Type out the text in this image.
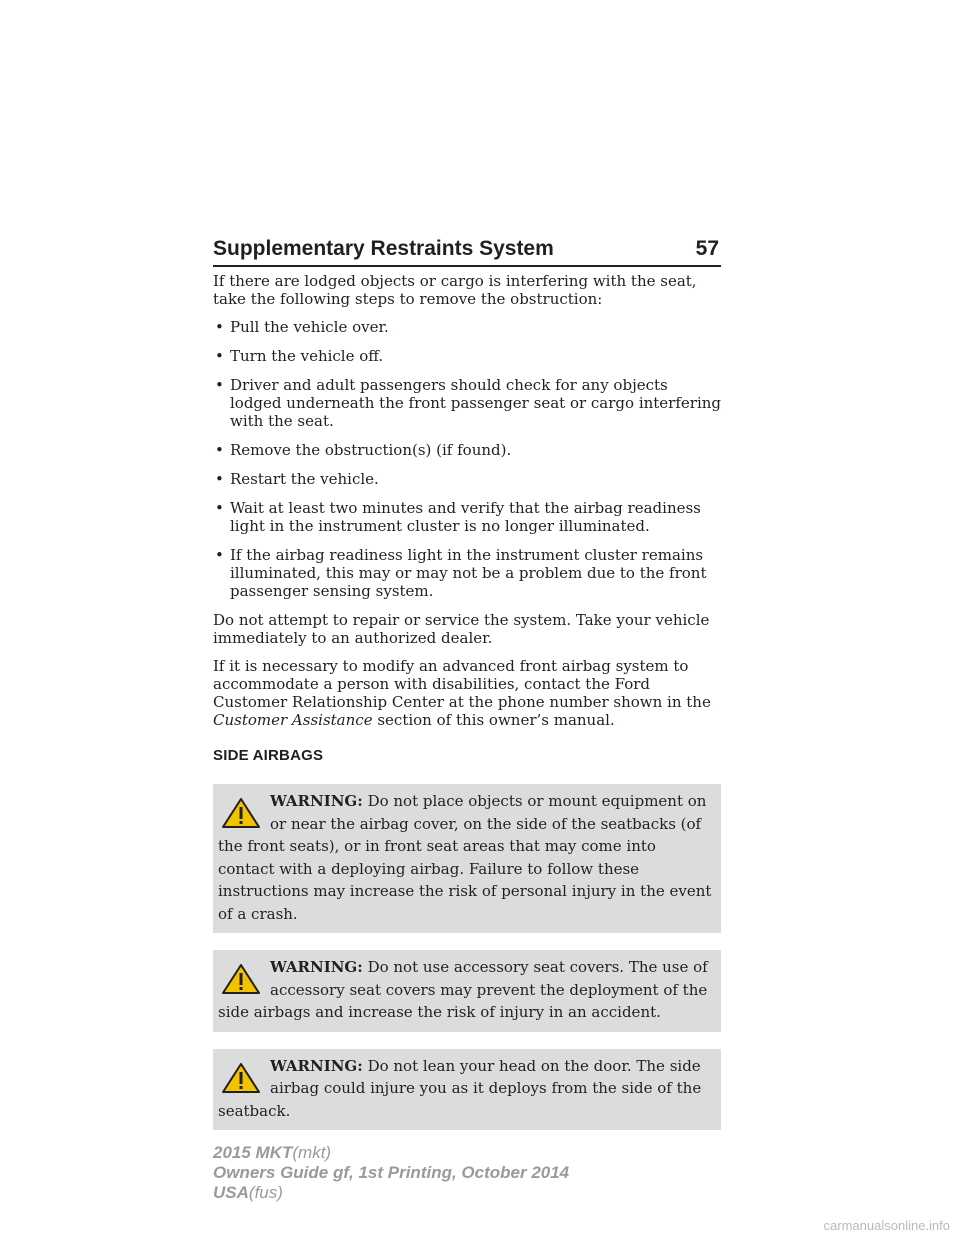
Supplementary Restraints System	57

If there are lodged objects or cargo is interfering with the seat, take the following steps to remove the obstruction:

• Pull the vehicle over.
• Turn the vehicle off.
• Driver and adult passengers should check for any objects lodged underneath the front passenger seat or cargo interfering with the seat.
• Remove the obstruction(s) (if found).
• Restart the vehicle.
• Wait at least two minutes and verify that the airbag readiness light in the instrument cluster is no longer illuminated.
• If the airbag readiness light in the instrument cluster remains illuminated, this may or may not be a problem due to the front passenger sensing system.

Do not attempt to repair or service the system. Take your vehicle immediately to an authorized dealer.

If it is necessary to modify an advanced front airbag system to accommodate a person with disabilities, contact the Ford Customer Relationship Center at the phone number shown in the Customer Assistance section of this owner’s manual.

SIDE AIRBAGS
WARNING: Do not place objects or mount equipment on or near the airbag cover, on the side of the seatbacks (of the front seats), or in front seat areas that may come into contact with a deploying airbag. Failure to follow these instructions may increase the risk of personal injury in the event of a crash.
WARNING: Do not use accessory seat covers. The use of accessory seat covers may prevent the deployment of the side airbags and increase the risk of injury in an accident.
WARNING: Do not lean your head on the door. The side airbag could injure you as it deploys from the side of the seatback.
2015 MKT(mkt)
Owners Guide gf, 1st Printing, October 2014
USA(fus)
carmanualsonline.info
